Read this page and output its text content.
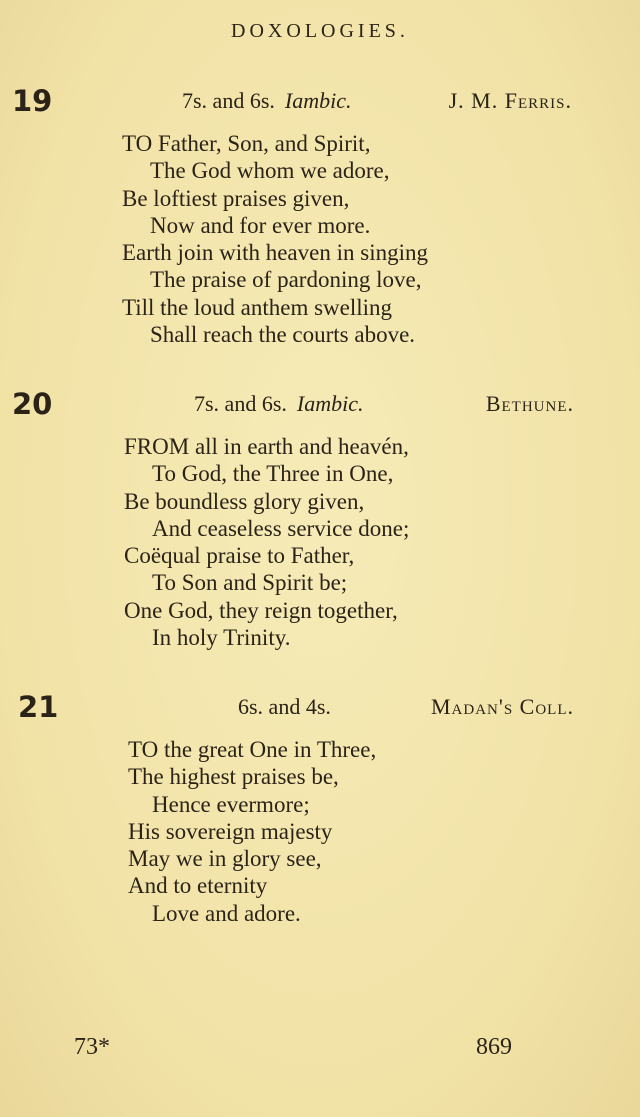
DOXOLOGIES.
19	7s. and 6s. Iambic.	J. M. Ferris.
TO Father, Son, and Spirit,
The God whom we adore,
Be loftiest praises given,
Now and for ever more.
Earth join with heaven in singing
The praise of pardoning love,
Till the loud anthem swelling
Shall reach the courts above.
20	7s. and 6s. Iambic.	Bethune.
FROM all in earth and heavén,
To God, the Three in One,
Be boundless glory given,
And ceaseless service done;
Coëqual praise to Father,
To Son and Spirit be;
One God, they reign together,
In holy Trinity.
21	6s. and 4s.	Madan's Coll.
TO the great One in Three,
The highest praises be,
Hence evermore;
His sovereign majesty
May we in glory see,
And to eternity
Love and adore.
73*	869
